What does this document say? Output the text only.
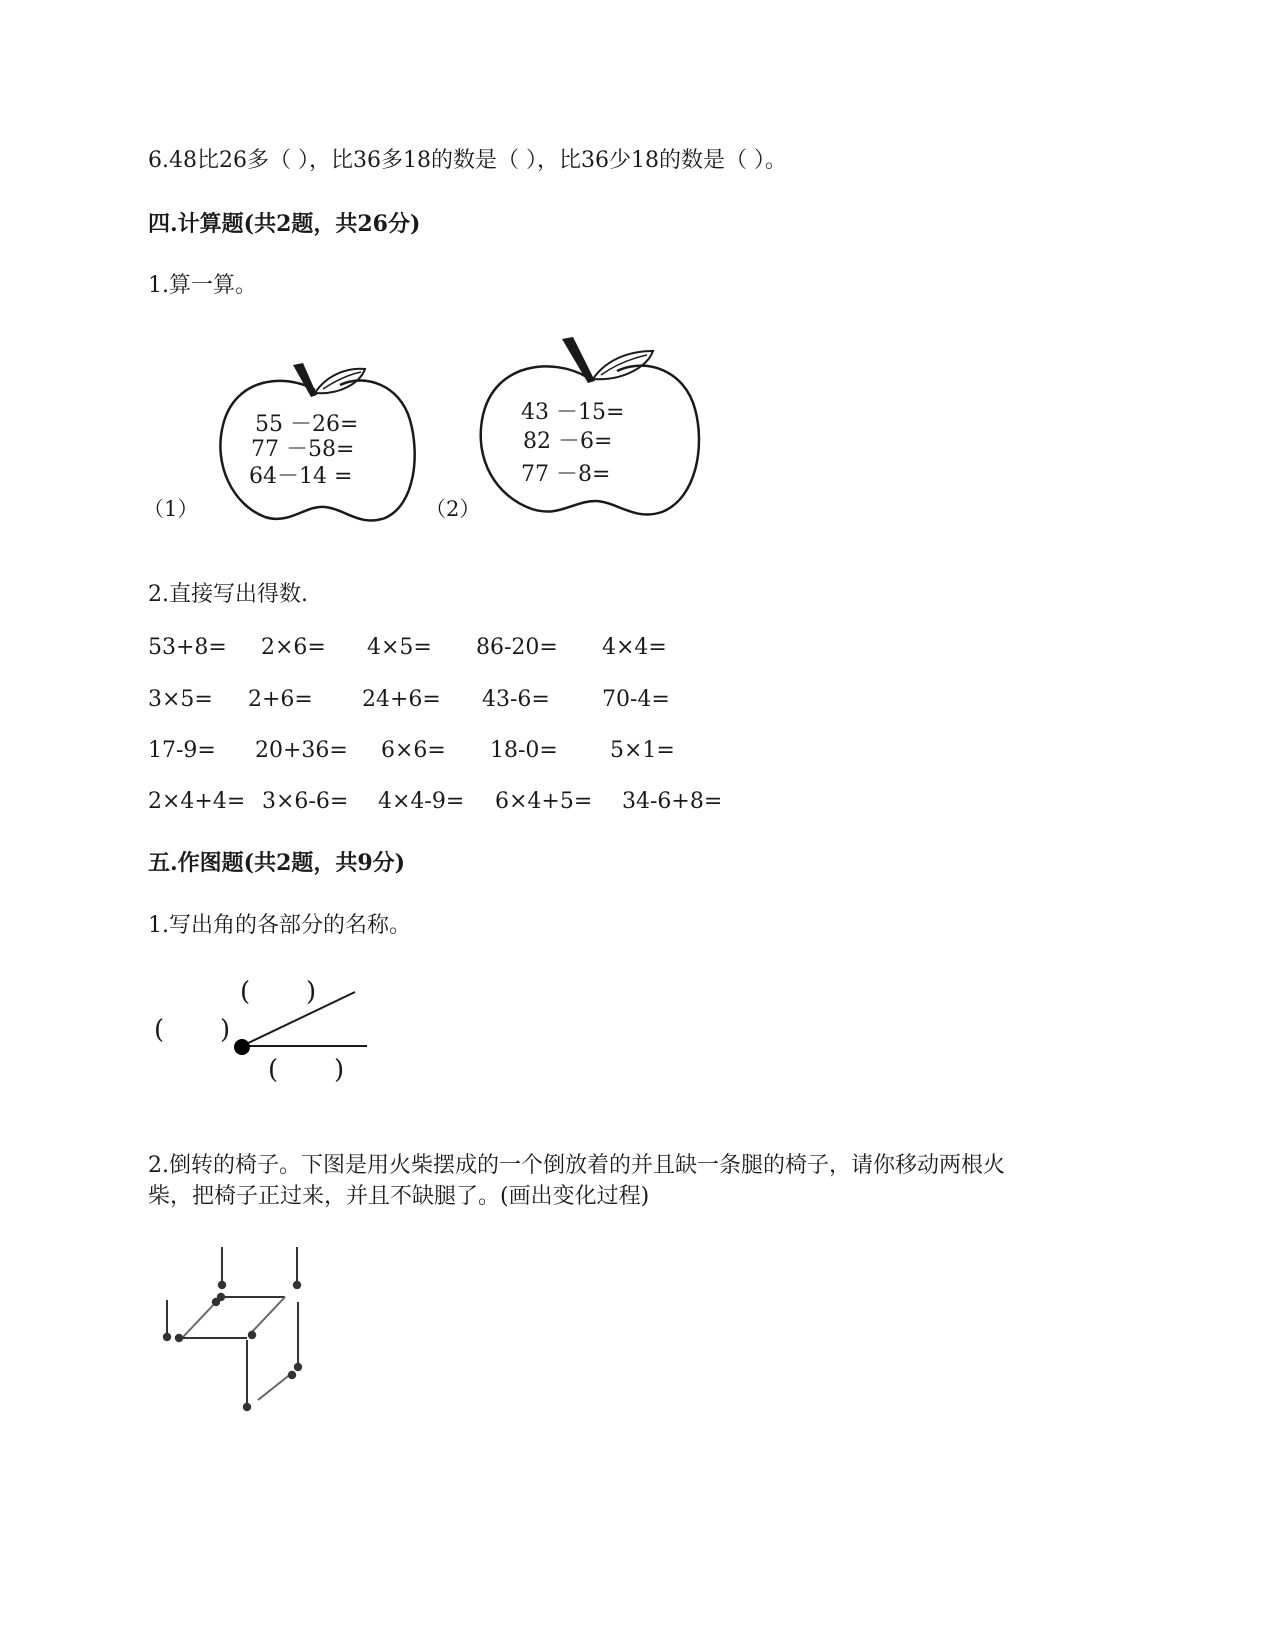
6.48比26多（ ），比36多18的数是（ ），比36少18的数是（ ）。
四.计算题(共2题，共26分)
1.算一算。
55 －26=
77 －58=
64－14 =
（1）
43 －15=
82 －6=
77 －8=
（2）
2.直接写出得数.
53+8= 2×6= 4×5= 86-20= 4×4=
3×5= 2+6= 24+6= 43-6= 70-4=
17-9= 20+36= 6×6= 18-0= 5×1=
2×4+4= 3×6-6= 4×4-9= 6×4+5= 34-6+8=
五.作图题(共2题，共9分)
1.写出角的各部分的名称。
( )
( )
( )
2.倒转的椅子。下图是用火柴摆成的一个倒放着的并且缺一条腿的椅子，请你移动两根火
柴，把椅子正过来，并且不缺腿了。(画出变化过程)
